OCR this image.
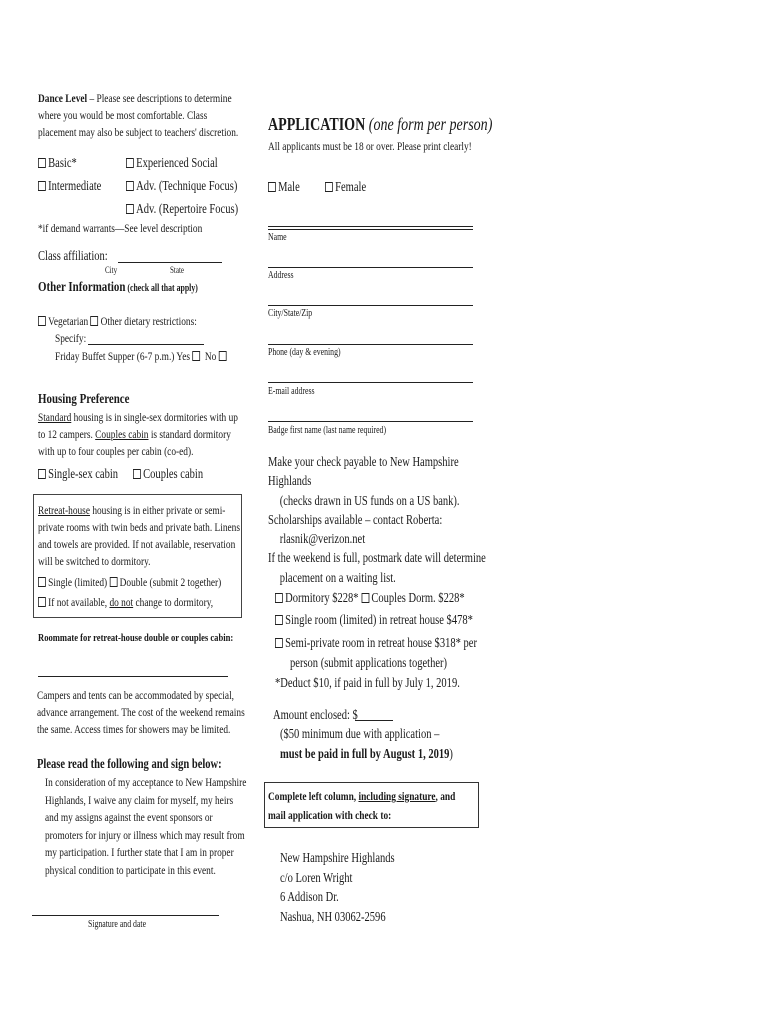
Dance Level – Please see descriptions to determine
where you would be most comfortable. Class
placement may also be subject to teachers' discretion.
Basic*	Experienced Social
Intermediate	Adv. (Technique Focus)
Adv. (Repertoire Focus)
*if demand warrants—See level description
Class affiliation:
City	State
Other Information (check all that apply)
Vegetarian Other dietary restrictions:
Specify:
Friday Buffet Supper (6-7 p.m.) Yes No
Housing Preference
Standard housing is in single-sex dormitories with up
to 12 campers. Couples cabin is standard dormitory
with up to four couples per cabin (co-ed).
Single-sex cabin	Couples cabin
Retreat-house housing is in either private or semi-
private rooms with twin beds and private bath. Linens
and towels are provided. If not available, reservation
will be switched to dormitory.
Single (limited) Double (submit 2 together)
If not available, do not change to dormitory,
Roommate for retreat-house double or couples cabin:
Campers and tents can be accommodated by special,
advance arrangement. The cost of the weekend remains
the same. Access times for showers may be limited.
Please read the following and sign below:
In consideration of my acceptance to New Hampshire
Highlands, I waive any claim for myself, my heirs
and my assigns against the event sponsors or
promoters for injury or illness which may result from
my participation. I further state that I am in proper
physical condition to participate in this event.
Signature and date
APPLICATION (one form per person)
All applicants must be 18 or over. Please print clearly!
Male	Female
Name
Address
City/State/Zip
Phone (day & evening)
E-mail address
Badge first name (last name required)
Make your check payable to New Hampshire Highlands
(checks drawn in US funds on a US bank).
Scholarships available – contact Roberta:
rlasnik@verizon.net
If the weekend is full, postmark date will determine
placement on a waiting list.
Dormitory $228* Couples Dorm. $228*
Single room (limited) in retreat house $478*
Semi-private room in retreat house $318* per
person (submit applications together)
*Deduct $10, if paid in full by July 1, 2019.
Amount enclosed: $
($50 minimum due with application –
must be paid in full by August 1, 2019)
Complete left column, including signature, and
mail application with check to:
New Hampshire Highlands
c/o Loren Wright
6 Addison Dr.
Nashua, NH 03062-2596
